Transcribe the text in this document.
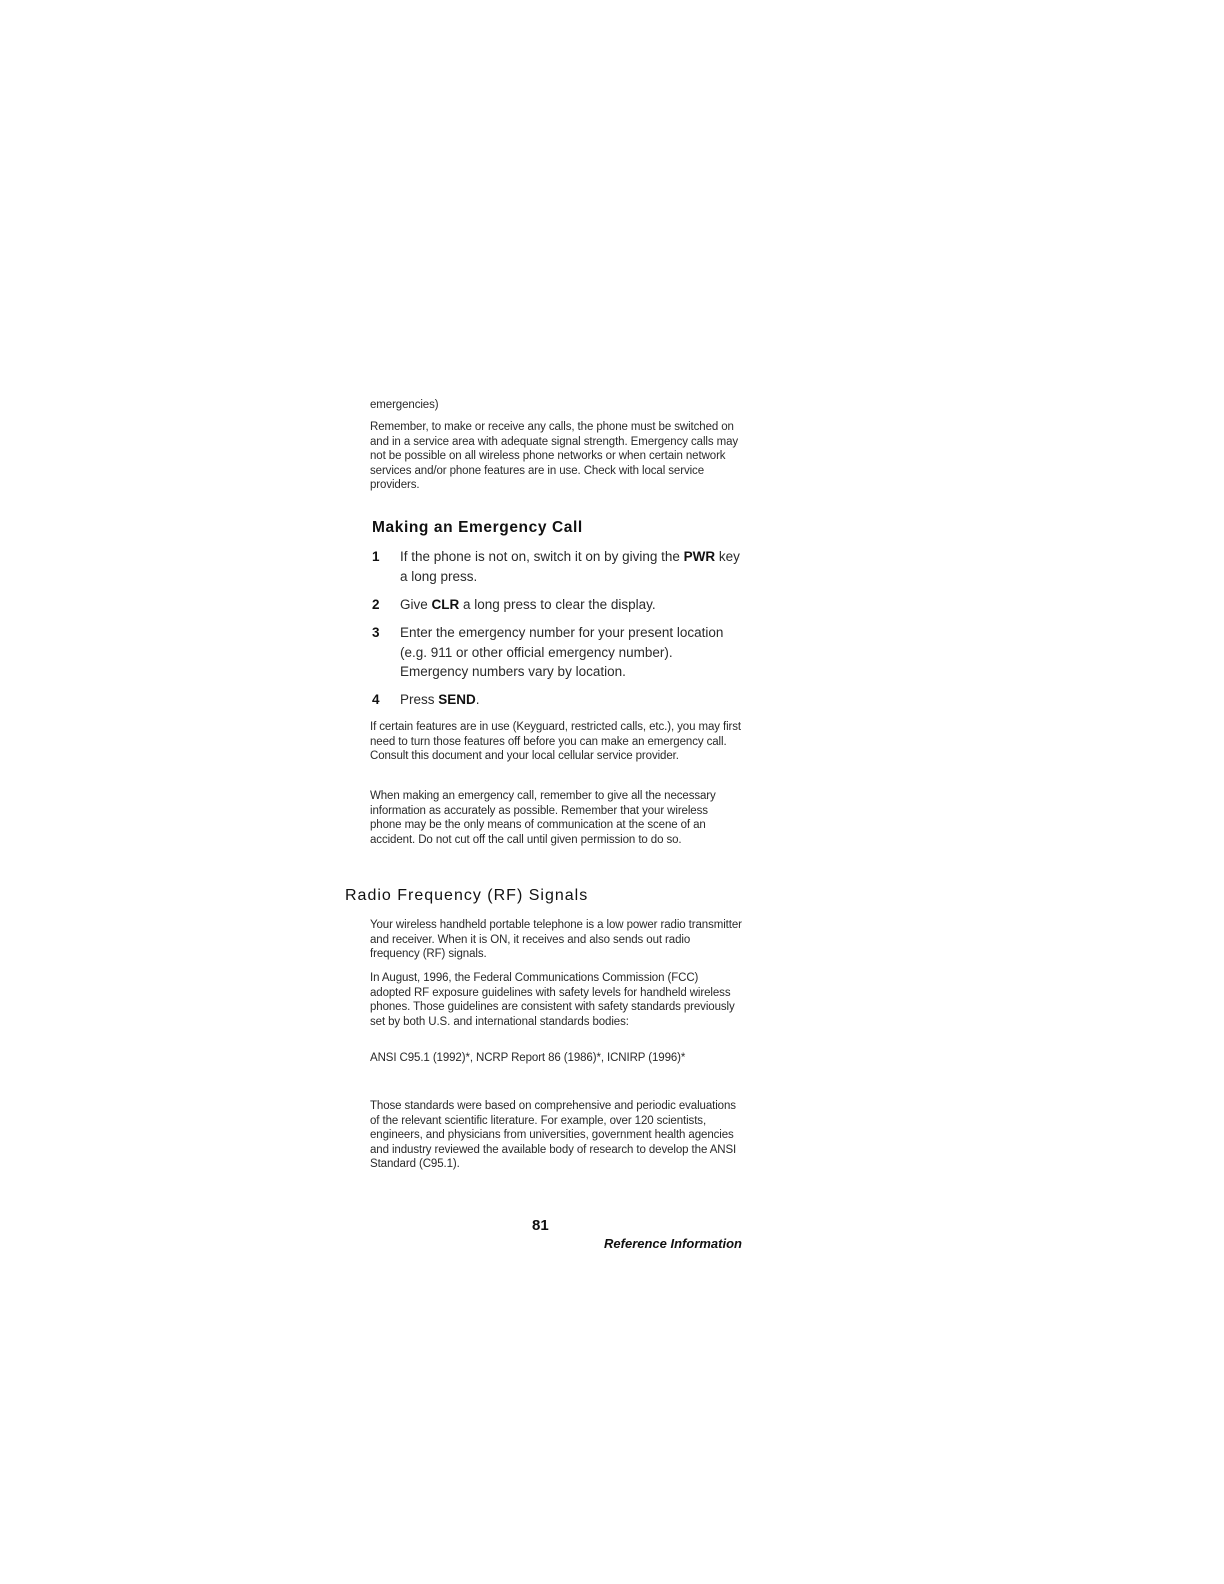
emergencies)

Remember, to make or receive any calls, the phone must be switched on and in a service area with adequate signal strength. Emergency calls may not be possible on all wireless phone networks or when certain network services and/or phone features are in use. Check with local service providers.

Making an Emergency Call
1 If the phone is not on, switch it on by giving the PWR key a long press.
2 Give CLR a long press to clear the display.
3 Enter the emergency number for your present location (e.g. 911 or other official emergency number). Emergency numbers vary by location.
4 Press SEND.

If certain features are in use (Keyguard, restricted calls, etc.), you may first need to turn those features off before you can make an emergency call. Consult this document and your local cellular service provider.

When making an emergency call, remember to give all the necessary information as accurately as possible. Remember that your wireless phone may be the only means of communication at the scene of an accident. Do not cut off the call until given permission to do so.

Radio Frequency (RF) Signals

Your wireless handheld portable telephone is a low power radio transmitter and receiver. When it is ON, it receives and also sends out radio frequency (RF) signals.

In August, 1996, the Federal Communications Commission (FCC) adopted RF exposure guidelines with safety levels for handheld wireless phones. Those guidelines are consistent with safety standards previously set by both U.S. and international standards bodies:

ANSI C95.1 (1992)*, NCRP Report 86 (1986)*, ICNIRP (1996)*

Those standards were based on comprehensive and periodic evaluations of the relevant scientific literature. For example, over 120 scientists, engineers, and physicians from universities, government health agencies and industry reviewed the available body of research to develop the ANSI Standard (C95.1).

81

Reference Information
